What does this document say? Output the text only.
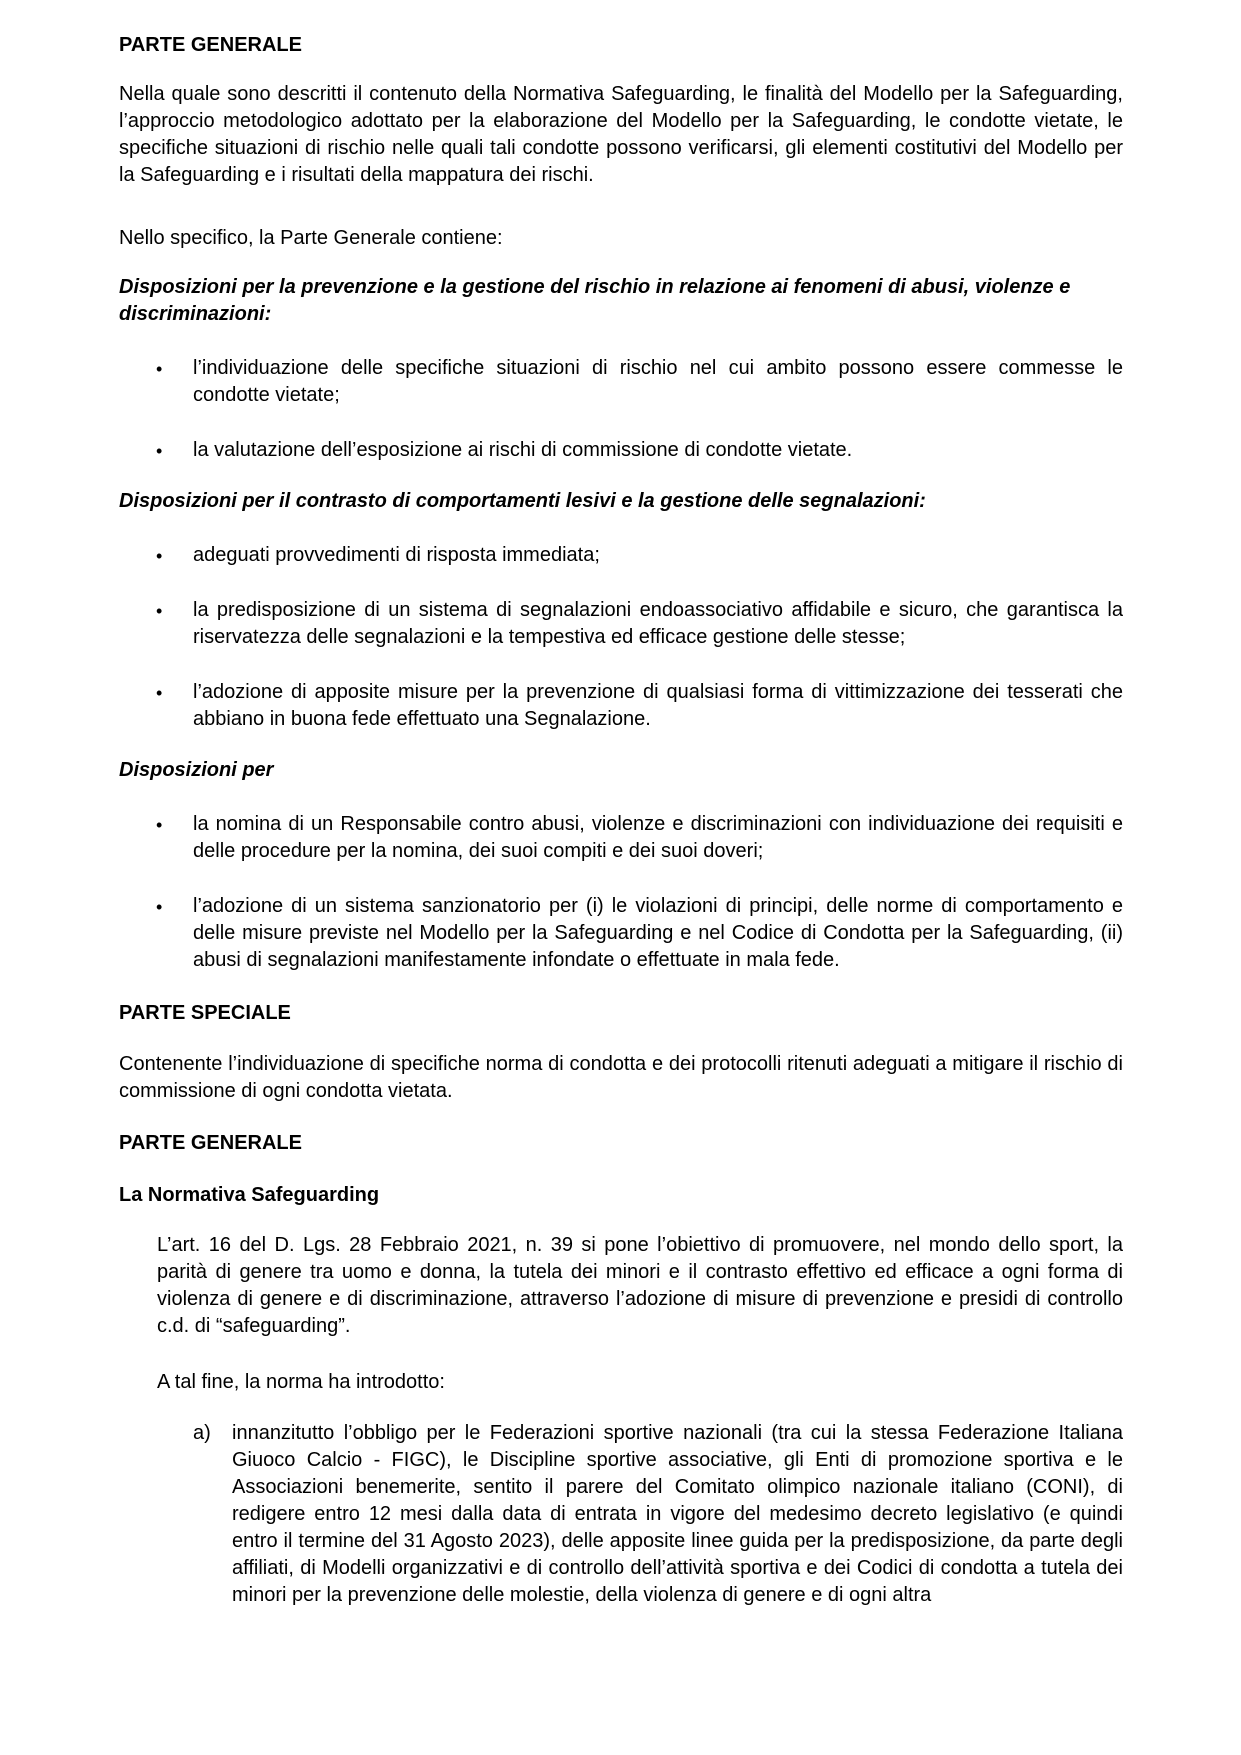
PARTE GENERALE

Nella quale sono descritti il contenuto della Normativa Safeguarding, le finalità del Modello per la Safeguarding, l’approccio metodologico adottato per la elaborazione del Modello per la Safeguarding, le condotte vietate, le specifiche situazioni di rischio nelle quali tali condotte possono verificarsi, gli elementi costitutivi del Modello per la Safeguarding e i risultati della mappatura dei rischi.

Nello specifico, la Parte Generale contiene:

Disposizioni per la prevenzione e la gestione del rischio in relazione ai fenomeni di abusi, violenze e discriminazioni:

•	l’individuazione delle specifiche situazioni di rischio nel cui ambito possono essere commesse le condotte vietate;

•	la valutazione dell’esposizione ai rischi di commissione di condotte vietate.

Disposizioni per il contrasto di comportamenti lesivi e la gestione delle segnalazioni:

•	adeguati provvedimenti di risposta immediata;

•	la predisposizione di un sistema di segnalazioni endoassociativo affidabile e sicuro, che garantisca la riservatezza delle segnalazioni e la tempestiva ed efficace gestione delle stesse;

•	l’adozione di apposite misure per la prevenzione di qualsiasi forma di vittimizzazione dei tesserati che abbiano in buona fede effettuato una Segnalazione.

Disposizioni per

•	la nomina di un Responsabile contro abusi, violenze e discriminazioni con individuazione dei requisiti e delle procedure per la nomina, dei suoi compiti e dei suoi doveri;

•	l’adozione di un sistema sanzionatorio per (i) le violazioni di principi, delle norme di comportamento e delle misure previste nel Modello per la Safeguarding e nel Codice di Condotta per la Safeguarding, (ii) abusi di segnalazioni manifestamente infondate o effettuate in mala fede.

PARTE SPECIALE

Contenente l’individuazione di specifiche norma di condotta e dei protocolli ritenuti adeguati a mitigare il rischio di commissione di ogni condotta vietata.

PARTE GENERALE

La Normativa Safeguarding

L’art. 16 del D. Lgs. 28 Febbraio 2021, n. 39 si pone l’obiettivo di promuovere, nel mondo dello sport, la parità di genere tra uomo e donna, la tutela dei minori e il contrasto effettivo ed efficace a ogni forma di violenza di genere e di discriminazione, attraverso l’adozione di misure di prevenzione e presidi di controllo c.d. di “safeguarding”.

A tal fine, la norma ha introdotto:

a)	innanzitutto l’obbligo per le Federazioni sportive nazionali (tra cui la stessa Federazione Italiana Giuoco Calcio - FIGC), le Discipline sportive associative, gli Enti di promozione sportiva e le Associazioni benemerite, sentito il parere del Comitato olimpico nazionale italiano (CONI), di redigere entro 12 mesi dalla data di entrata in vigore del medesimo decreto legislativo (e quindi entro il termine del 31 Agosto 2023), delle apposite linee guida per la predisposizione, da parte degli affiliati, di Modelli organizzativi e di controllo dell’attività sportiva e dei Codici di condotta a tutela dei minori per la prevenzione delle molestie, della violenza di genere e di ogni altra
